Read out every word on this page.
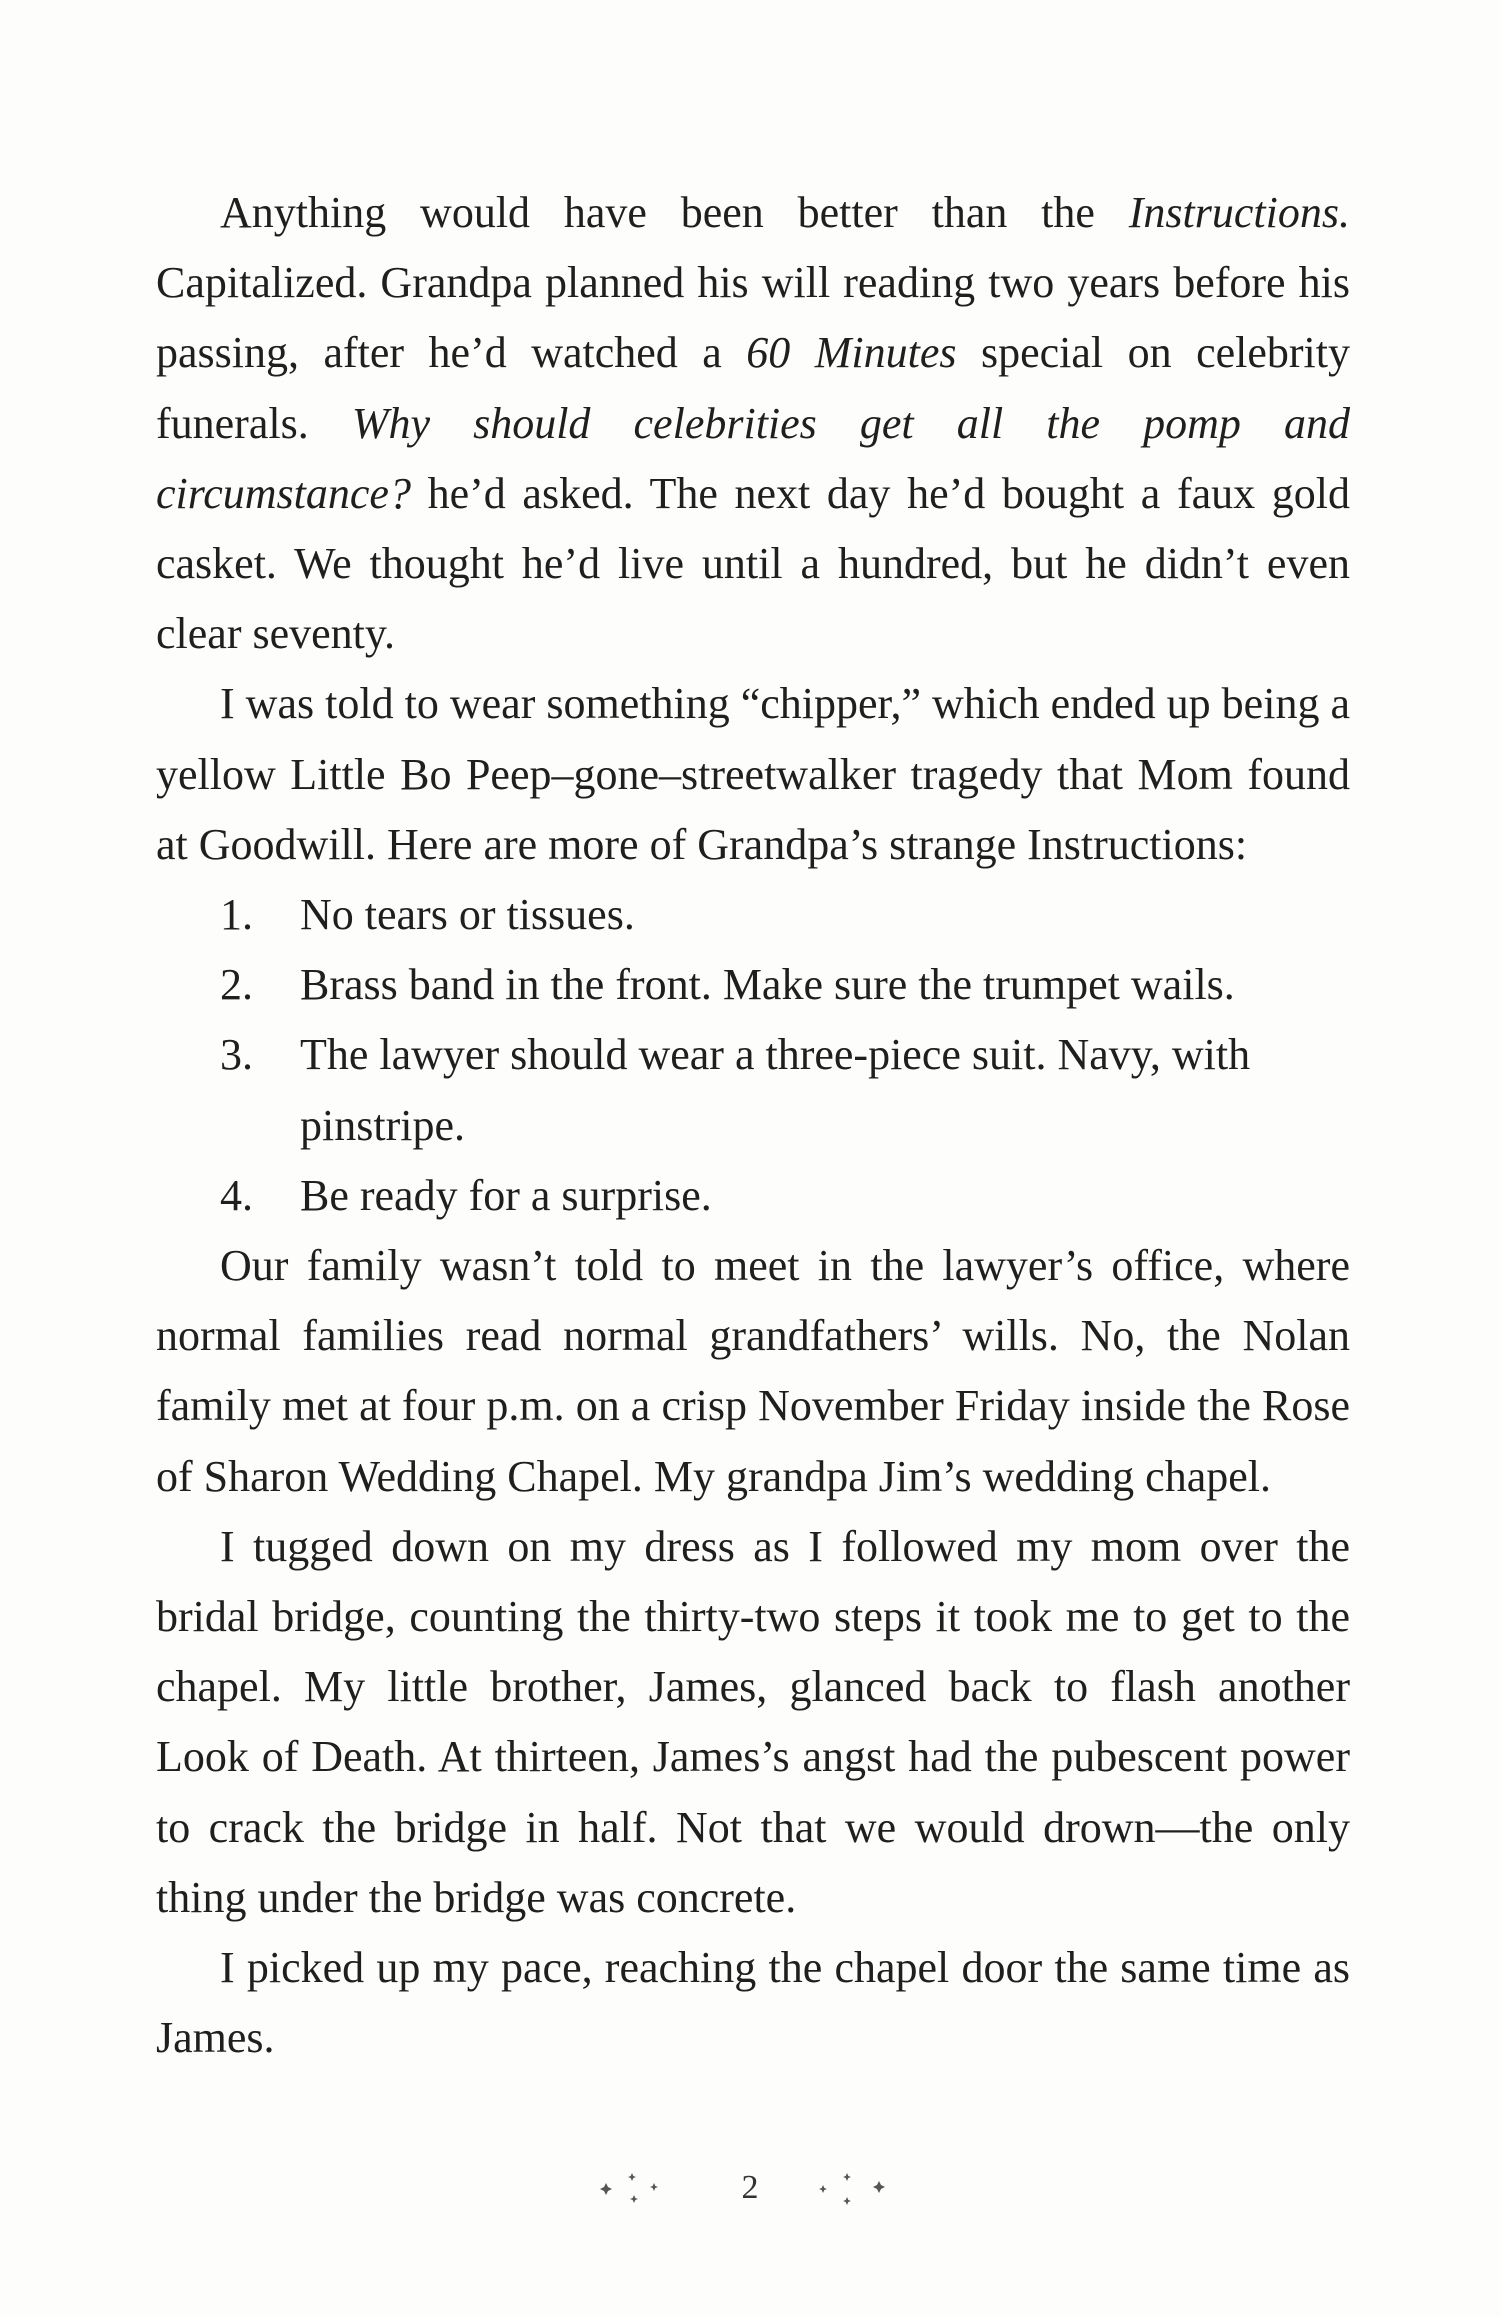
Anything would have been better than the Instructions. Capitalized. Grandpa planned his will reading two years before his passing, after he’d watched a 60 Minutes special on celebrity funerals. Why should celebrities get all the pomp and circumstance? he’d asked. The next day he’d bought a faux gold casket. We thought he’d live until a hundred, but he didn’t even clear seventy.

I was told to wear something “chipper,” which ended up being a yellow Little Bo Peep–gone–streetwalker tragedy that Mom found at Goodwill. Here are more of Grandpa’s strange Instructions:

1. No tears or tissues.
2. Brass band in the front. Make sure the trumpet wails.
3. The lawyer should wear a three-piece suit. Navy, with pinstripe.
4. Be ready for a surprise.

Our family wasn’t told to meet in the lawyer’s office, where normal families read normal grandfathers’ wills. No, the Nolan family met at four p.m. on a crisp November Friday inside the Rose of Sharon Wedding Chapel. My grandpa Jim’s wedding chapel.

I tugged down on my dress as I followed my mom over the bridal bridge, counting the thirty-two steps it took me to get to the chapel. My little brother, James, glanced back to flash another Look of Death. At thirteen, James’s angst had the pubescent power to crack the bridge in half. Not that we would drown—the only thing under the bridge was concrete.

I picked up my pace, reaching the chapel door the same time as James.

2
